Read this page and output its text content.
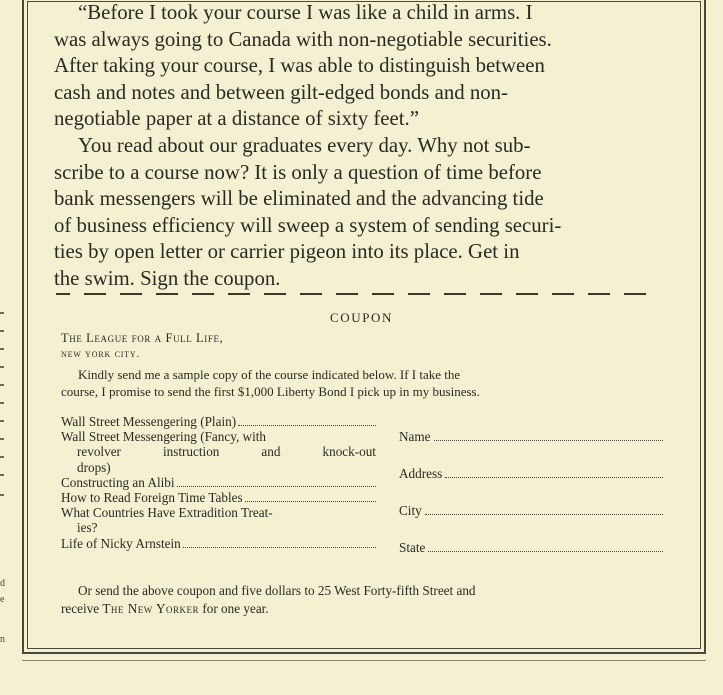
d
e
n

“Before I took your course I was like a child in arms. I

was always going to Canada with non-negotiable securities.

After taking your course, I was able to distinguish between

cash and notes and between gilt-edged bonds and non-

negotiable paper at a distance of sixty feet.”

You read about our graduates every day. Why not sub-

scribe to a course now? It is only a question of time before

bank messengers will be eliminated and the advancing tide

of business efficiency will sweep a system of sending securi-

ties by open letter or carrier pigeon into its place. Get in

the swim. Sign the coupon.

COUPON
The League for a Full Life,
new york city.

Kindly send me a sample copy of the course indicated below. If I take the

course, I promise to send the first $1,000 Liberty Bond I pick up in my business.

Wall Street Messengering (Plain)
Wall Street Messengering (Fancy, with
revolver	instruction	and	knock-out
drops)
Constructing an Alibi
How to Read Foreign Time Tables
What Countries Have Extradition Treat-
ies?
Life of Nicky Arnstein
Name
Address
City
State

Or send the above coupon and five dollars to 25 West Forty-fifth Street and

receive The New Yorker for one year.
